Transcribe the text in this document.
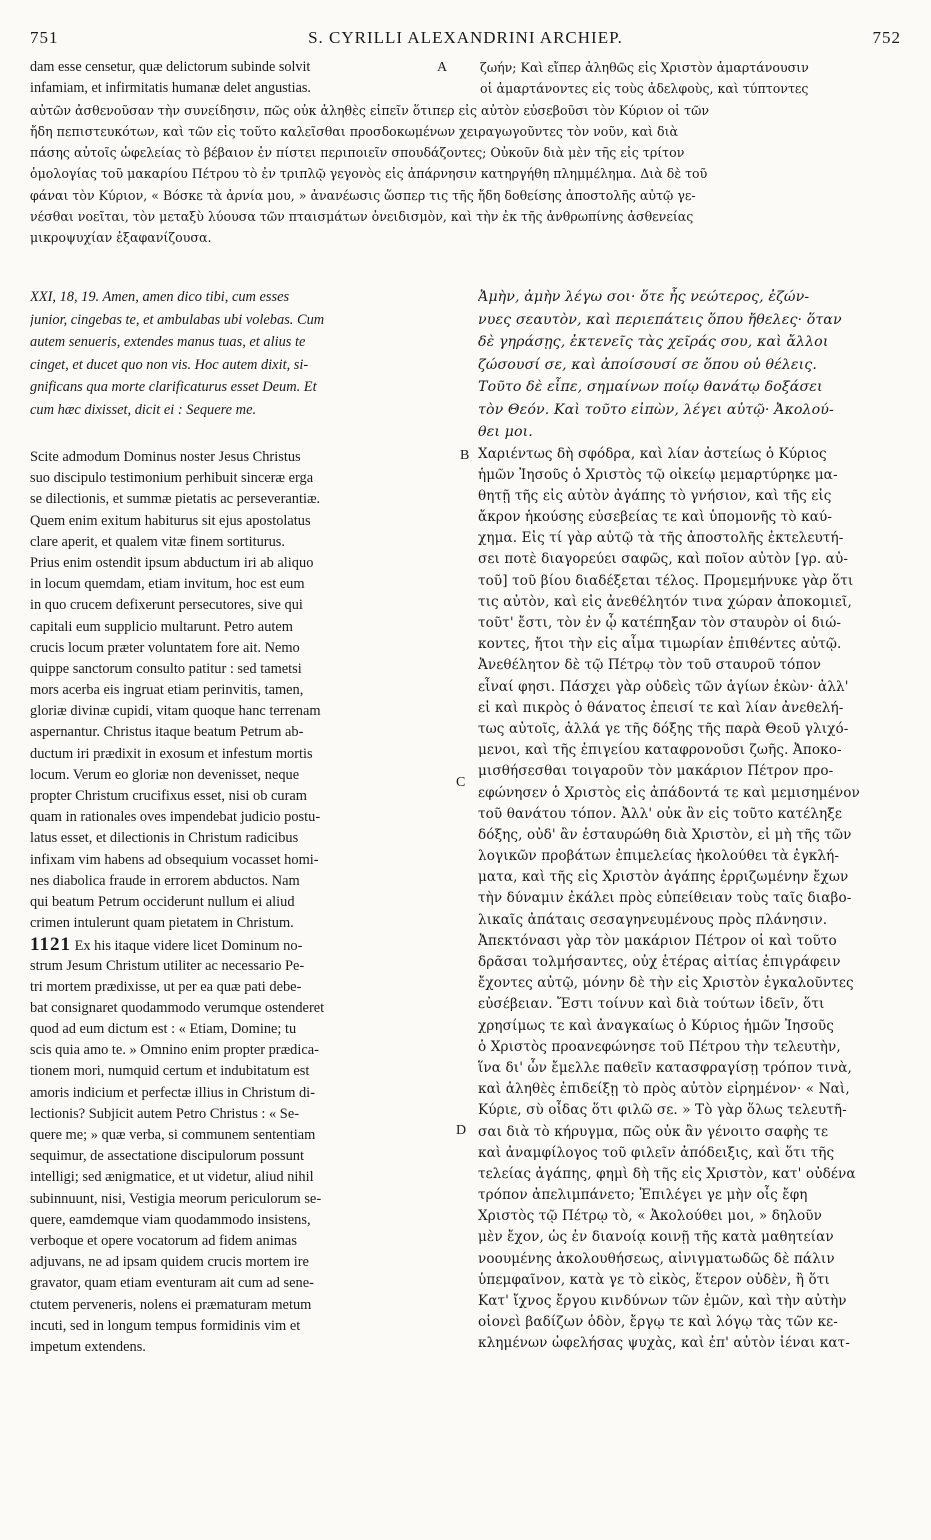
751	S. CYRILLI ALEXANDRINI ARCHIEP.	752
dam esse censetur, quæ delictorum subinde solvit
infamiam, et infirmitatis humanæ delet angustias.
ζωήν; Καὶ εἴπερ ἀληθῶς εἰς Χριστὸν ἁμαρτάνουσιν
οἱ ἁμαρτάνοντες εἰς τοὺς ἀδελφοὺς, καὶ τύπτοντες
αὐτῶν ἀσθενοῦσαν τὴν συνείδησιν, πῶς οὐκ ἀληθὲς εἰπεῖν ὅτιπερ εἰς αὐτὸν εὐσεβοῦσι τὸν Κύριον οἱ τῶν
ἤδη πεπιστευκότων, καὶ τῶν εἰς τοῦτο καλεῖσθαι προσδοκωμένων χειραγωγοῦντες τὸν νοῦν, καὶ διὰ
πάσης αὐτοῖς ὠφελείας τὸ βέβαιον ἐν πίστει περιποιεῖν σπουδάζοντες; Οὐκοῦν διὰ μὲν τῆς εἰς τρίτον
ὁμολογίας τοῦ μακαρίου Πέτρου τὸ ἐν τριπλῷ γεγονὸς εἰς ἀπάρνησιν κατηργήθη πλημμέλημα. Διὰ δὲ τοῦ
φάναι τὸν Κύριον, « Βόσκε τὰ ἀρνία μου, » ἀνανέωσις ὥσπερ τις τῆς ἤδη δοθείσης ἀποστολῆς αὐτῷ γε-
νέσθαι νοεῖται, τὸν μεταξὺ λύουσα τῶν πταισμάτων ὀνειδισμὸν, καὶ τὴν ἐκ τῆς ἀνθρωπίνης ἀσθενείας
μικροψυχίαν ἐξαφανίζουσα.
A
B
C
D
XXI, 18, 19. Amen, amen dico tibi, cum esses
junior, cingebas te, et ambulabas ubi volebas. Cum
autem senueris, extendes manus tuas, et alius te
cinget, et ducet quo non vis. Hoc autem dixit, si-
gnificans qua morte clarificaturus esset Deum. Et
cum hæc dixisset, dicit ei : Sequere me.
Scite admodum Dominus noster Jesus Christus
suo discipulo testimonium perhibuit sinceræ erga
se dilectionis, et summæ pietatis ac perseverantiæ.
Quem enim exitum habiturus sit ejus apostolatus
clare aperit, et qualem vitæ finem sortiturus.
Prius enim ostendit ipsum abductum iri ab aliquo
in locum quemdam, etiam invitum, hoc est eum
in quo crucem defixerunt persecutores, sive qui
capitali eum supplicio multarunt. Petro autem
crucis locum præter voluntatem fore ait. Nemo
quippe sanctorum consulto patitur : sed tametsi
mors acerba eis ingruat etiam perinvitis, tamen,
gloriæ divinæ cupidi, vitam quoque hanc terrenam
aspernantur. Christus itaque beatum Petrum ab-
ductum iri prædixit in exosum et infestum mortis
locum. Verum eo gloriæ non devenisset, neque
propter Christum crucifixus esset, nisi ob curam
quam in rationales oves impendebat judicio postu-
latus esset, et dilectionis in Christum radicibus
infixam vim habens ad obsequium vocasset homi-
nes diabolica fraude in errorem abductos. Nam
qui beatum Petrum occiderunt nullum ei aliud
crimen intulerunt quam pietatem in Christum.
1121 Ex his itaque videre licet Dominum no-
strum Jesum Christum utiliter ac necessario Pe-
tri mortem prædixisse, ut per ea quæ pati debe-
bat consignaret quodammodo verumque ostenderet
quod ad eum dictum est : « Etiam, Domine; tu
scis quia amo te. » Omnino enim propter prædica-
tionem mori, numquid certum et indubitatum est
amoris indicium et perfectæ illius in Christum di-
lectionis? Subjicit autem Petro Christus : « Se-
quere me; » quæ verba, si communem sententiam
sequimur, de assectatione discipulorum possunt
intelligi; sed ænigmatice, et ut videtur, aliud nihil
subinnuunt, nisi, Vestigia meorum periculorum se-
quere, eamdemque viam quodammodo insistens,
verboque et opere vocatorum ad fidem animas
adjuvans, ne ad ipsam quidem crucis mortem ire
gravator, quam etiam eventuram ait cum ad sene-
ctutem perveneris, nolens ei præmaturam metum
incuti, sed in longum tempus formidinis vim et
impetum extendens.
Ἀμὴν, ἀμὴν λέγω σοι· ὅτε ἦς νεώτερος, ἐζών-
νυες σεαυτὸν, καὶ περιεπάτεις ὅπου ἤθελες· ὅταν
δὲ γηράσῃς, ἐκτενεῖς τὰς χεῖράς σου, καὶ ἄλλοι
ζώσουσί σε, καὶ ἀποίσουσί σε ὅπου οὐ θέλεις.
Τοῦτο δὲ εἶπε, σημαίνων ποίῳ θανάτῳ δοξάσει
τὸν Θεόν. Καὶ τοῦτο εἰπὼν, λέγει αὐτῷ· Ἀκολού-
θει μοι.
Χαριέντως δὴ σφόδρα, καὶ λίαν ἀστείως ὁ Κύριος
ἡμῶν Ἰησοῦς ὁ Χριστὸς τῷ οἰκείῳ μεμαρτύρηκε μα-
θητῇ τῆς εἰς αὐτὸν ἀγάπης τὸ γνήσιον, καὶ τῆς εἰς
ἄκρον ἡκούσης εὐσεβείας τε καὶ ὑπομονῆς τὸ καύ-
χημα. Εἰς τί γὰρ αὐτῷ τὰ τῆς ἀποστολῆς ἐκτελευτή-
σει ποτὲ διαγορεύει σαφῶς, καὶ ποῖον αὐτὸν [γρ. αὐ-
τοῦ] τοῦ βίου διαδέξεται τέλος. Προμεμήνυκε γὰρ ὅτι
τις αὐτὸν, καὶ εἰς ἀνεθέλητόν τινα χώραν ἀποκομιεῖ,
τοῦτ' ἔστι, τὸν ἐν ᾧ κατέπηξαν τὸν σταυρὸν οἱ διώ-
κοντες, ἤτοι τὴν εἰς αἷμα τιμωρίαν ἐπιθέντες αὐτῷ.
Ἀνεθέλητον δὲ τῷ Πέτρῳ τὸν τοῦ σταυροῦ τόπον
εἶναί φησι. Πάσχει γὰρ οὐδεὶς τῶν ἁγίων ἑκὼν· ἀλλ'
εἰ καὶ πικρὸς ὁ θάνατος ἐπεισί τε καὶ λίαν ἀνεθελή-
τως αὐτοῖς, ἀλλά γε τῆς δόξης τῆς παρὰ Θεοῦ γλιχό-
μενοι, καὶ τῆς ἐπιγείου καταφρονοῦσι ζωῆς. Ἀποκο-
μισθήσεσθαι τοιγαροῦν τὸν μακάριον Πέτρον προ-
εφώνησεν ὁ Χριστὸς εἰς ἀπάδοντά τε καὶ μεμισημένον
τοῦ θανάτου τόπον. Ἀλλ' οὐκ ἂν εἰς τοῦτο κατέληξε
δόξης, οὐδ' ἂν ἐσταυρώθη διὰ Χριστὸν, εἰ μὴ τῆς τῶν
λογικῶν προβάτων ἐπιμελείας ἠκολούθει τὰ ἐγκλή-
ματα, καὶ τῆς εἰς Χριστὸν ἀγάπης ἐρριζωμένην ἔχων
τὴν δύναμιν ἐκάλει πρὸς εὐπείθειαν τοὺς ταῖς διαβο-
λικαῖς ἀπάταις σεσαγηνευμένους πρὸς πλάνησιν.
Ἀπεκτόνασι γὰρ τὸν μακάριον Πέτρον οἱ καὶ τοῦτο
δρᾶσαι τολμήσαντες, οὐχ ἑτέρας αἰτίας ἐπιγράφειν
ἔχοντες αὐτῷ, μόνην δὲ τὴν εἰς Χριστὸν ἐγκαλοῦντες
εὐσέβειαν. Ἔστι τοίνυν καὶ διὰ τούτων ἰδεῖν, ὅτι
χρησίμως τε καὶ ἀναγκαίως ὁ Κύριος ἡμῶν Ἰησοῦς
ὁ Χριστὸς προανεφώνησε τοῦ Πέτρου τὴν τελευτὴν,
ἵνα δι' ὧν ἔμελλε παθεῖν κατασφραγίσῃ τρόπον τινὰ,
καὶ ἀληθὲς ἐπιδείξῃ τὸ πρὸς αὐτὸν εἰρημένον· « Ναὶ,
Κύριε, σὺ οἶδας ὅτι φιλῶ σε. » Τὸ γὰρ ὅλως τελευτῆ-
σαι διὰ τὸ κήρυγμα, πῶς οὐκ ἂν γένοιτο σαφὴς τε
καὶ ἀναμφίλογος τοῦ φιλεῖν ἀπόδειξις, καὶ ὅτι τῆς
τελείας ἀγάπης, φημὶ δὴ τῆς εἰς Χριστὸν, κατ' οὐδένα
τρόπον ἀπελιμπάνετο; Ἐπιλέγει γε μὴν οἷς ἔφη
Χριστὸς τῷ Πέτρῳ τὸ, « Ἀκολούθει μοι, » δηλοῦν
μὲν ἔχον, ὡς ἐν διανοίᾳ κοινῇ τῆς κατὰ μαθητείαν
νοουμένης ἀκολουθήσεως, αἰνιγματωδῶς δὲ πάλιν
ὑπεμφαῖνον, κατὰ γε τὸ εἰκὸς, ἕτερον οὐδὲν, ἢ ὅτι
Κατ' ἴχνος ἔργου κινδύνων τῶν ἐμῶν, καὶ τὴν αὐτὴν
οἱονεὶ βαδίζων ὁδὸν, ἔργῳ τε καὶ λόγῳ τὰς τῶν κε-
κλημένων ὠφελήσας ψυχὰς, καὶ ἐπ' αὐτὸν ἰέναι κατ-
